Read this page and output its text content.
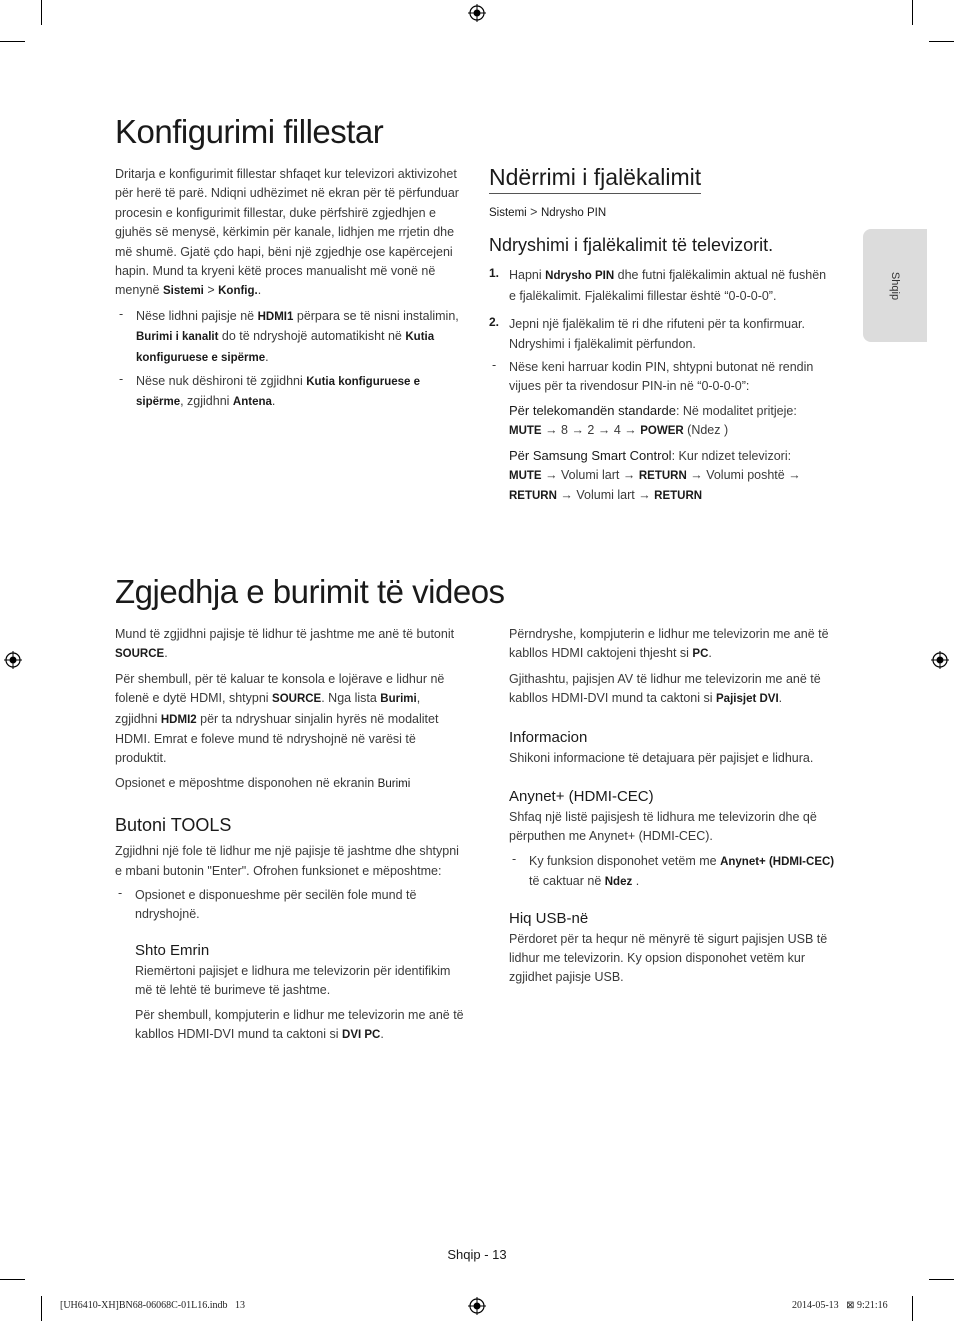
Shqip
Konfigurimi fillestar

Dritarja e konfigurimit fillestar shfaqet kur televizori aktivizohet për herë të parë. Ndiqni udhëzimet në ekran për të përfunduar procesin e konfigurimit fillestar, duke përfshirë zgjedhjen e gjuhës së menysë, kërkimin për kanale, lidhjen me rrjetin dhe më shumë. Gjatë çdo hapi, bëni një zgjedhje ose kapërcejeni hapin. Mund ta kryeni këtë proces manualisht më vonë në menynë Sistemi > Konfig..

- Nëse lidhni pajisje në HDMI1 përpara se të nisni instalimin, Burimi i kanalit do të ndryshojë automatikisht në Kutia konfiguruese e sipërme.

- Nëse nuk dëshironi të zgjidhni Kutia konfiguruese e sipërme, zgjidhni Antena.

Ndërrimi i fjalëkalimit

Sistemi > Ndrysho PIN

Ndryshimi i fjalëkalimit të televizorit.
1. Hapni Ndrysho PIN dhe futni fjalëkalimin aktual në fushën e fjalëkalimit. Fjalëkalimi fillestar është “0-0-0-0”.

2. Jepni një fjalëkalim të ri dhe rifuteni për ta konfirmuar. Ndryshimi i fjalëkalimit përfundon.

- Nëse keni harruar kodin PIN, shtypni butonat në rendin vijues për ta rivendosur PIN-in në “0-0-0-0”:

Për telekomandën standarde: Në modalitet pritjeje:
MUTE → 8 → 2 → 4 → POWER (Ndez )

Për Samsung Smart Control: Kur ndizet televizori:
MUTE → Volumi lart → RETURN → Volumi poshtë →
RETURN → Volumi lart → RETURN

Zgjedhja e burimit të videos

Mund të zgjidhni pajisje të lidhur të jashtme me anë të butonit SOURCE.

Për shembull, për të kaluar te konsola e lojërave e lidhur në folenë e dytë HDMI, shtypni SOURCE. Nga lista Burimi, zgjidhni HDMI2 për ta ndryshuar sinjalin hyrës në modalitet HDMI. Emrat e foleve mund të ndryshojnë në varësi të produktit.

Opsionet e mëposhtme disponohen në ekranin Burimi

Butoni TOOLS

Zgjidhni një fole të lidhur me një pajisje të jashtme dhe shtypni e mbani butonin "Enter". Ofrohen funksionet e mëposhtme:

- Opsionet e disponueshme për secilën fole mund të ndryshojnë.

Shto Emrin

Riemërtoni pajisjet e lidhura me televizorin për identifikim më të lehtë të burimeve të jashtme.

Për shembull, kompjuterin e lidhur me televizorin me anë të kabllos HDMI-DVI mund ta caktoni si DVI PC.

Përndryshe, kompjuterin e lidhur me televizorin me anë të kabllos HDMI caktojeni thjesht si PC.

Gjithashtu, pajisjen AV të lidhur me televizorin me anë të kabllos HDMI-DVI mund ta caktoni si Pajisjet DVI.

Informacion

Shikoni informacione të detajuara për pajisjet e lidhura.

Anynet+ (HDMI-CEC)

Shfaq një listë pajisjesh të lidhura me televizorin dhe që përputhen me Anynet+ (HDMI-CEC).

- Ky funksion disponohet vetëm me Anynet+ (HDMI-CEC) të caktuar në Ndez .

Hiq USB-në

Përdoret për ta hequr në mënyrë të sigurt pajisjen USB të lidhur me televizorin. Ky opsion disponohet vetëm kur zgjidhet pajisje USB.

Shqip - 13
[UH6410-XH]BN68-06068C-01L16.indb   13	2014-05-13   ⊠ 9:21:16
